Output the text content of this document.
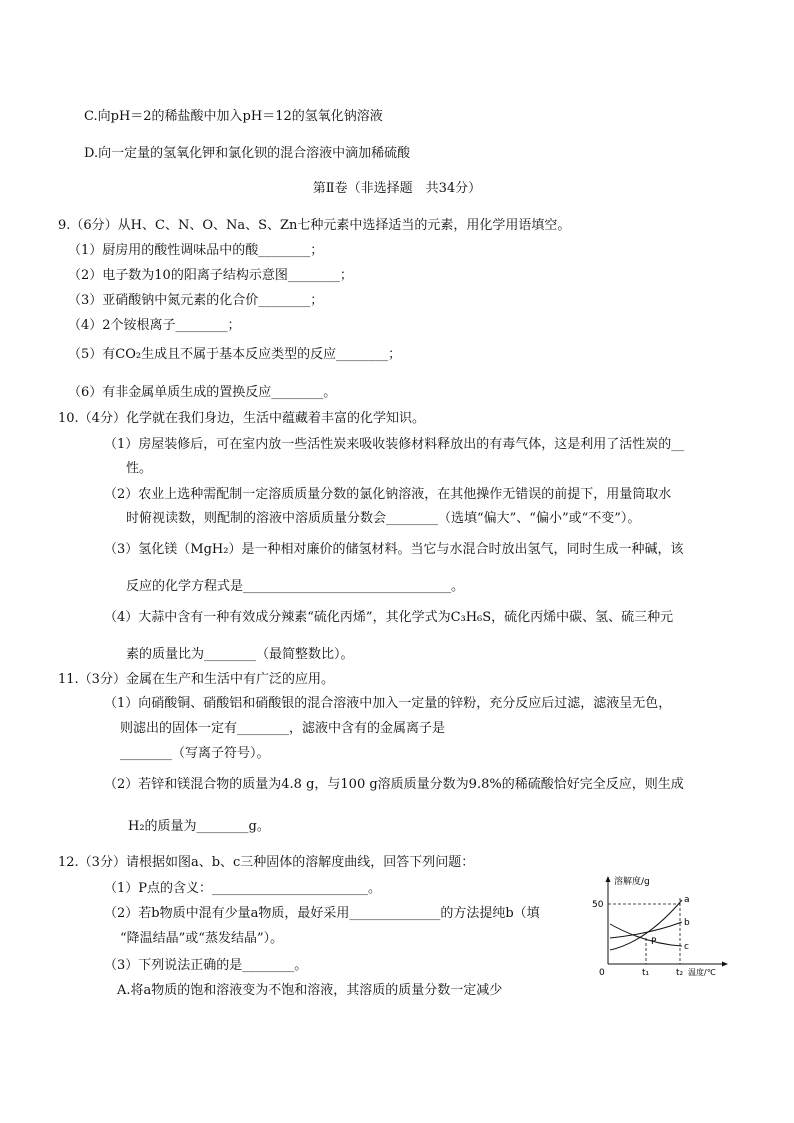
C.向pH＝2的稀盐酸中加入pH＝12的氢氧化钠溶液
D.向一定量的氢氧化钾和氯化钡的混合溶液中滴加稀硫酸
第Ⅱ卷（非选择题　共34分）
9.（6分）从H、C、N、O、Na、S、Zn七种元素中选择适当的元素，用化学用语填空。
（1）厨房用的酸性调味品中的酸________；
（2）电子数为10的阳离子结构示意图________；
（3）亚硝酸钠中氮元素的化合价________；
（4）2个铵根离子________；
（5）有CO₂生成且不属于基本反应类型的反应________；
（6）有非金属单质生成的置换反应________。
10.（4分）化学就在我们身边，生活中蕴藏着丰富的化学知识。
（1）房屋装修后，可在室内放一些活性炭来吸收装修材料释放出的有毒气体，这是利用了活性炭的__
性。
（2）农业上选种需配制一定溶质质量分数的氯化钠溶液，在其他操作无错误的前提下，用量筒取水
时俯视读数，则配制的溶液中溶质质量分数会________（选填“偏大”、“偏小”或“不变”）。
（3）氢化镁（MgH₂）是一种相对廉价的储氢材料。当它与水混合时放出氢气，同时生成一种碱，该
反应的化学方程式是________________________________。
（4）大蒜中含有一种有效成分辣素“硫化丙烯”，其化学式为C₃H₆S，硫化丙烯中碳、氢、硫三种元
素的质量比为________（最简整数比）。
11.（3分）金属在生产和生活中有广泛的应用。
（1）向硝酸铜、硝酸铝和硝酸银的混合溶液中加入一定量的锌粉，充分反应后过滤，滤液呈无色，
则滤出的固体一定有________，滤液中含有的金属离子是
________（写离子符号）。
（2）若锌和镁混合物的质量为4.8 g，与100 g溶质质量分数为9.8%的稀硫酸恰好完全反应，则生成
H₂的质量为________g。
12.（3分）请根据如图a、b、c三种固体的溶解度曲线，回答下列问题：
（1）P点的含义：________________________。
（2）若b物质中混有少量a物质，最好采用______________的方法提纯b（填
“降温结晶”或“蒸发结晶”）。
（3）下列说法正确的是________。
A.将a物质的饱和溶液变为不饱和溶液，其溶质的质量分数一定减少
溶解度/g
50
0	t₁	t₂ 温度/℃
a
b
c
P
